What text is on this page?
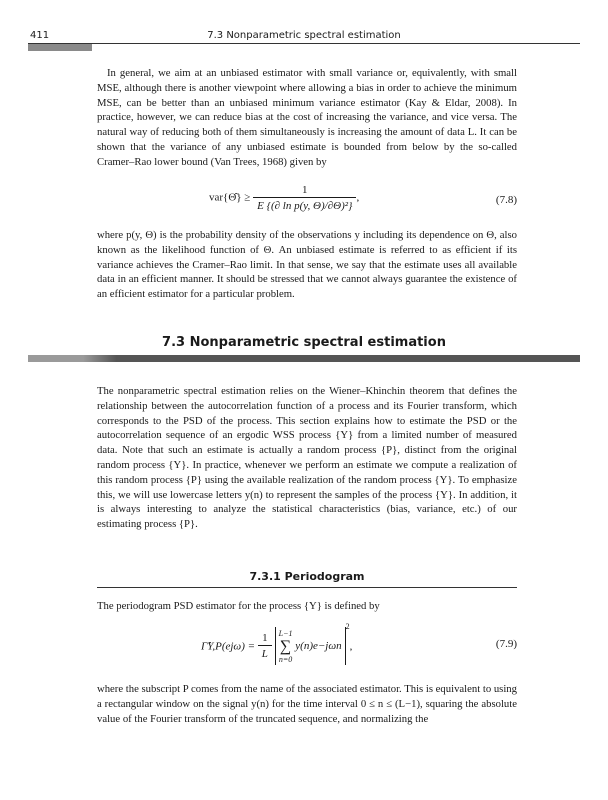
411	7.3 Nonparametric spectral estimation

In general, we aim at an unbiased estimator with small variance or, equivalently, with small MSE, although there is another viewpoint where allowing a bias in order to achieve the minimum MSE, can be better than an unbiased minimum variance estimator (Kay & Eldar, 2008). In practice, however, we can reduce bias at the cost of increasing the variance, and vice versa. The natural way of reducing both of them simultaneously is increasing the amount of data L. It can be shown that the variance of any unbiased estimate is bounded from below by the so-called Cramer–Rao lower bound (Van Trees, 1968) given by

var{Θ̂} ≥ $\frac{1}{\text{E \{(∂ ln p(y, Θ)/∂Θ)²\}}}$ ,	(7.8)

where p(y, Θ) is the probability density of the observations y including its dependence on Θ, also known as the likelihood function of Θ. An unbiased estimate is referred to as efficient if its variance achieves the Cramer–Rao limit. In that sense, we say that the estimate uses all available data in an efficient manner. It should be stressed that we cannot always guarantee the existence of an efficient estimator for a particular problem.

7.3 Nonparametric spectral estimation

The nonparametric spectral estimation relies on the Wiener–Khinchin theorem that defines the relationship between the autocorrelation function of a process and its Fourier transform, which corresponds to the PSD of the process. This section explains how to estimate the PSD or the autocorrelation sequence of an ergodic WSS process {Y} from a limited number of measured data. Note that such an estimate is actually a random process {P}, distinct from the original random process {Y}. In practice, whenever we perform an estimate we compute a realization of this random process {P} using the available realization of the random process {Y}. To emphasize this, we will use lowercase letters y(n) to represent the samples of the process {Y}. In addition, it is always interesting to analyze the statistical characteristics (bias, variance, etc.) of our estimating process {P}.

7.3.1 Periodogram

The periodogram PSD estimator for the process {Y} is defined by

Γ̂Y,P(ejω) = $\frac{1}{L}$
L−1
∑
n=0
y(n)e−jωn$^2$,	(7.9)

where the subscript P comes from the name of the associated estimator. This is equivalent to using a rectangular window on the signal y(n) for the time interval 0 ≤ n ≤ (L−1), squaring the absolute value of the Fourier transform of the truncated sequence, and normalizing the
